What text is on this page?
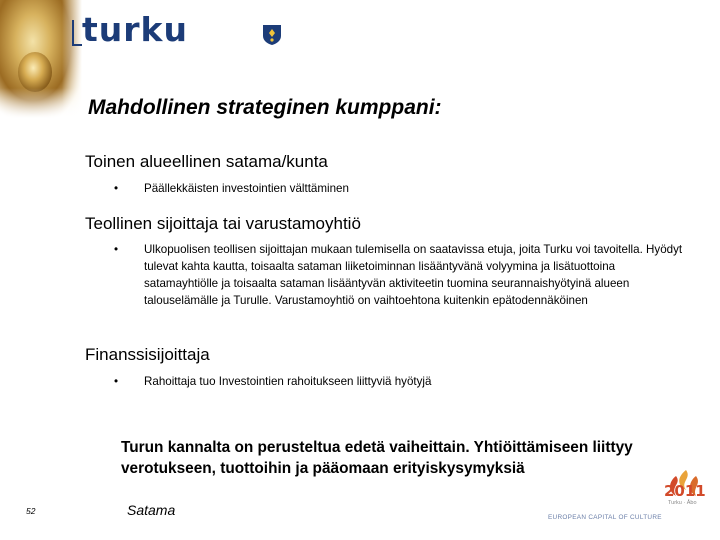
turku
Mahdollinen strateginen kumppani:
Toinen alueellinen satama/kunta
•	Päällekkäisten investointien välttäminen
Teollinen sijoittaja tai varustamoyhtiö
•	Ulkopuolisen teollisen sijoittajan mukaan tulemisella on saatavissa etuja, joita Turku voi tavoitella. Hyödyt tulevat kahta kautta, toisaalta sataman liiketoiminnan lisääntyvänä volyymina ja lisätuottoina satamayhtiölle ja toisaalta sataman lisääntyvän aktiviteetin tuomina seurannaishyötyinä alueen talouselämälle ja Turulle. Varustamoyhtiö on vaihtoehtona kuitenkin epätodennäköinen
Finanssisijoittaja
•	Rahoittaja tuo Investointien rahoitukseen liittyviä hyötyjä
Turun kannalta on perusteltua edetä vaiheittain. Yhtiöittämiseen liittyy verotukseen, tuottoihin ja pääomaan erityiskysymyksiä
52	Satama
2011
Turku · Åbo
EUROPEAN CAPITAL OF CULTURE
